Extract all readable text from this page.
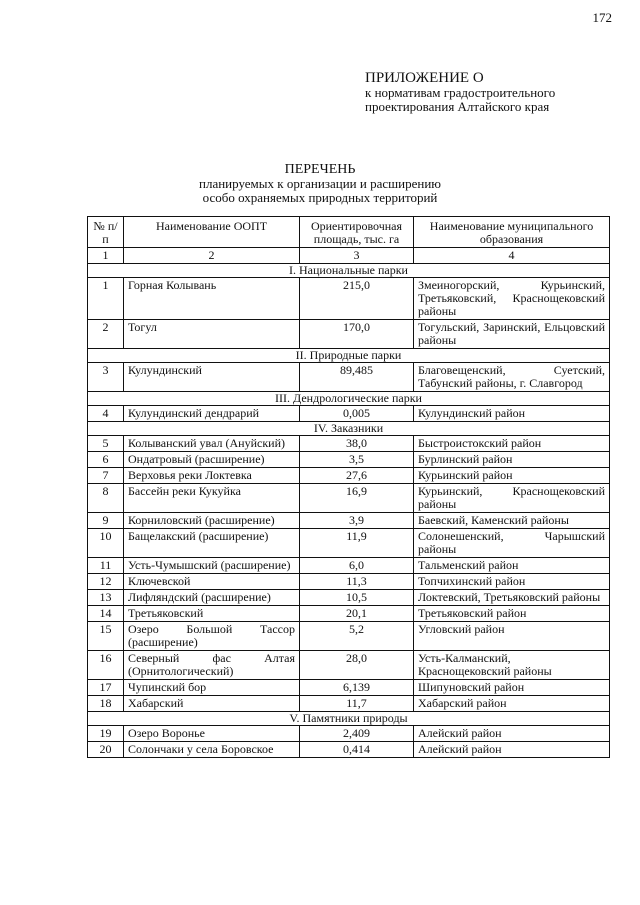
172
ПРИЛОЖЕНИЕ О
к нормативам градостроительного
проектирования Алтайского края
ПЕРЕЧЕНЬ
планируемых к организации и расширению
особо охраняемых природных территорий
№ п/п	Наименование ООПТ	Ориентировочная площадь, тыс. га	Наименование муниципального образования
1	2	3	4
I. Национальные парки			
1	Горная Колывань	215,0	Змеиногорский, Курьинский, Третьяковский, Краснощековский районы
2	Тогул	170,0	Тогульский, Заринский, Ельцовский районы
II. Природные парки			
3	Кулундинский	89,485	Благовещенский, Суетский, Табунский районы, г. Славгород
III. Дендрологические парки			
4	Кулундинский дендрарий	0,005	Кулундинский район
IV. Заказники			
5	Колыванский увал (Ануйский)	38,0	Быстроистокский район
6	Ондатровый (расширение)	3,5	Бурлинский район
7	Верховья реки Локтевка	27,6	Курьинский район
8	Бассейн реки Кукуйка	16,9	Курьинский, Краснощековский районы
9	Корниловский (расширение)	3,9	Баевский, Каменский районы
10	Бащелакский (расширение)	11,9	Солонешенский, Чарышский районы
11	Усть-Чумышский (расширение)	6,0	Тальменский район
12	Ключевской	11,3	Топчихинский район
13	Лифляндский (расширение)	10,5	Локтевский, Третьяковский районы
14	Третьяковский	20,1	Третьяковский район
15	Озеро Большой Тассор (расширение)	5,2	Угловский район
16	Северный фас Алтая (Орнитологический)	28,0	Усть-Калманский, Краснощековский районы
17	Чупинский бор	6,139	Шипуновский район
18	Хабарский	11,7	Хабарский район
V. Памятники природы			
19	Озеро Воронье	2,409	Алейский район
20	Солончаки у села Боровское	0,414	Алейский район
